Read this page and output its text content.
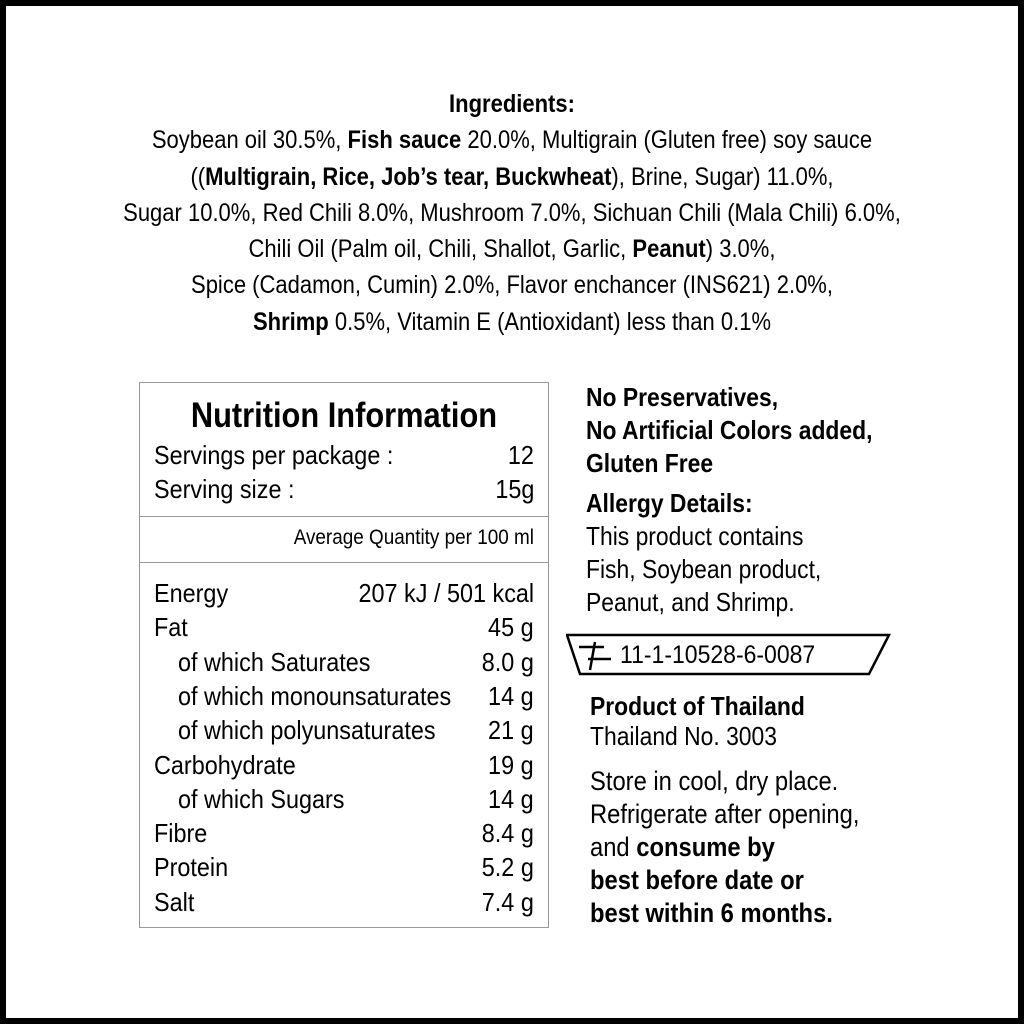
Ingredients:
Soybean oil 30.5%, Fish sauce 20.0%, Multigrain (Gluten free) soy sauce
((Multigrain, Rice, Job’s tear, Buckwheat), Brine, Sugar) 11.0%,
Sugar 10.0%, Red Chili 8.0%, Mushroom 7.0%, Sichuan Chili (Mala Chili) 6.0%,
Chili Oil (Palm oil, Chili, Shallot, Garlic, Peanut) 3.0%,
Spice (Cadamon, Cumin) 2.0%, Flavor enchancer (INS621) 2.0%,
Shrimp 0.5%, Vitamin E (Antioxidant) less than 0.1%
Nutrition Information
Servings per package :	12
Serving size :	15g
Average Quantity per 100 ml
Energy	207 kJ / 501 kcal
Fat	45 g
of which Saturates	8.0 g
of which monounsaturates 14 g
of which polyunsaturates 21 g
Carbohydrate	19 g
of which Sugars	14 g
Fibre	8.4 g
Protein	5.2 g
Salt	7.4 g
No Preservatives,
No Artificial Colors added,
Gluten Free
Allergy Details:
This product contains
Fish, Soybean product,
Peanut, and Shrimp.
11-1-10528-6-0087
Product of Thailand
Thailand No. 3003
Store in cool, dry place.
Refrigerate after opening,
and consume by
best before date or
best within 6 months.
